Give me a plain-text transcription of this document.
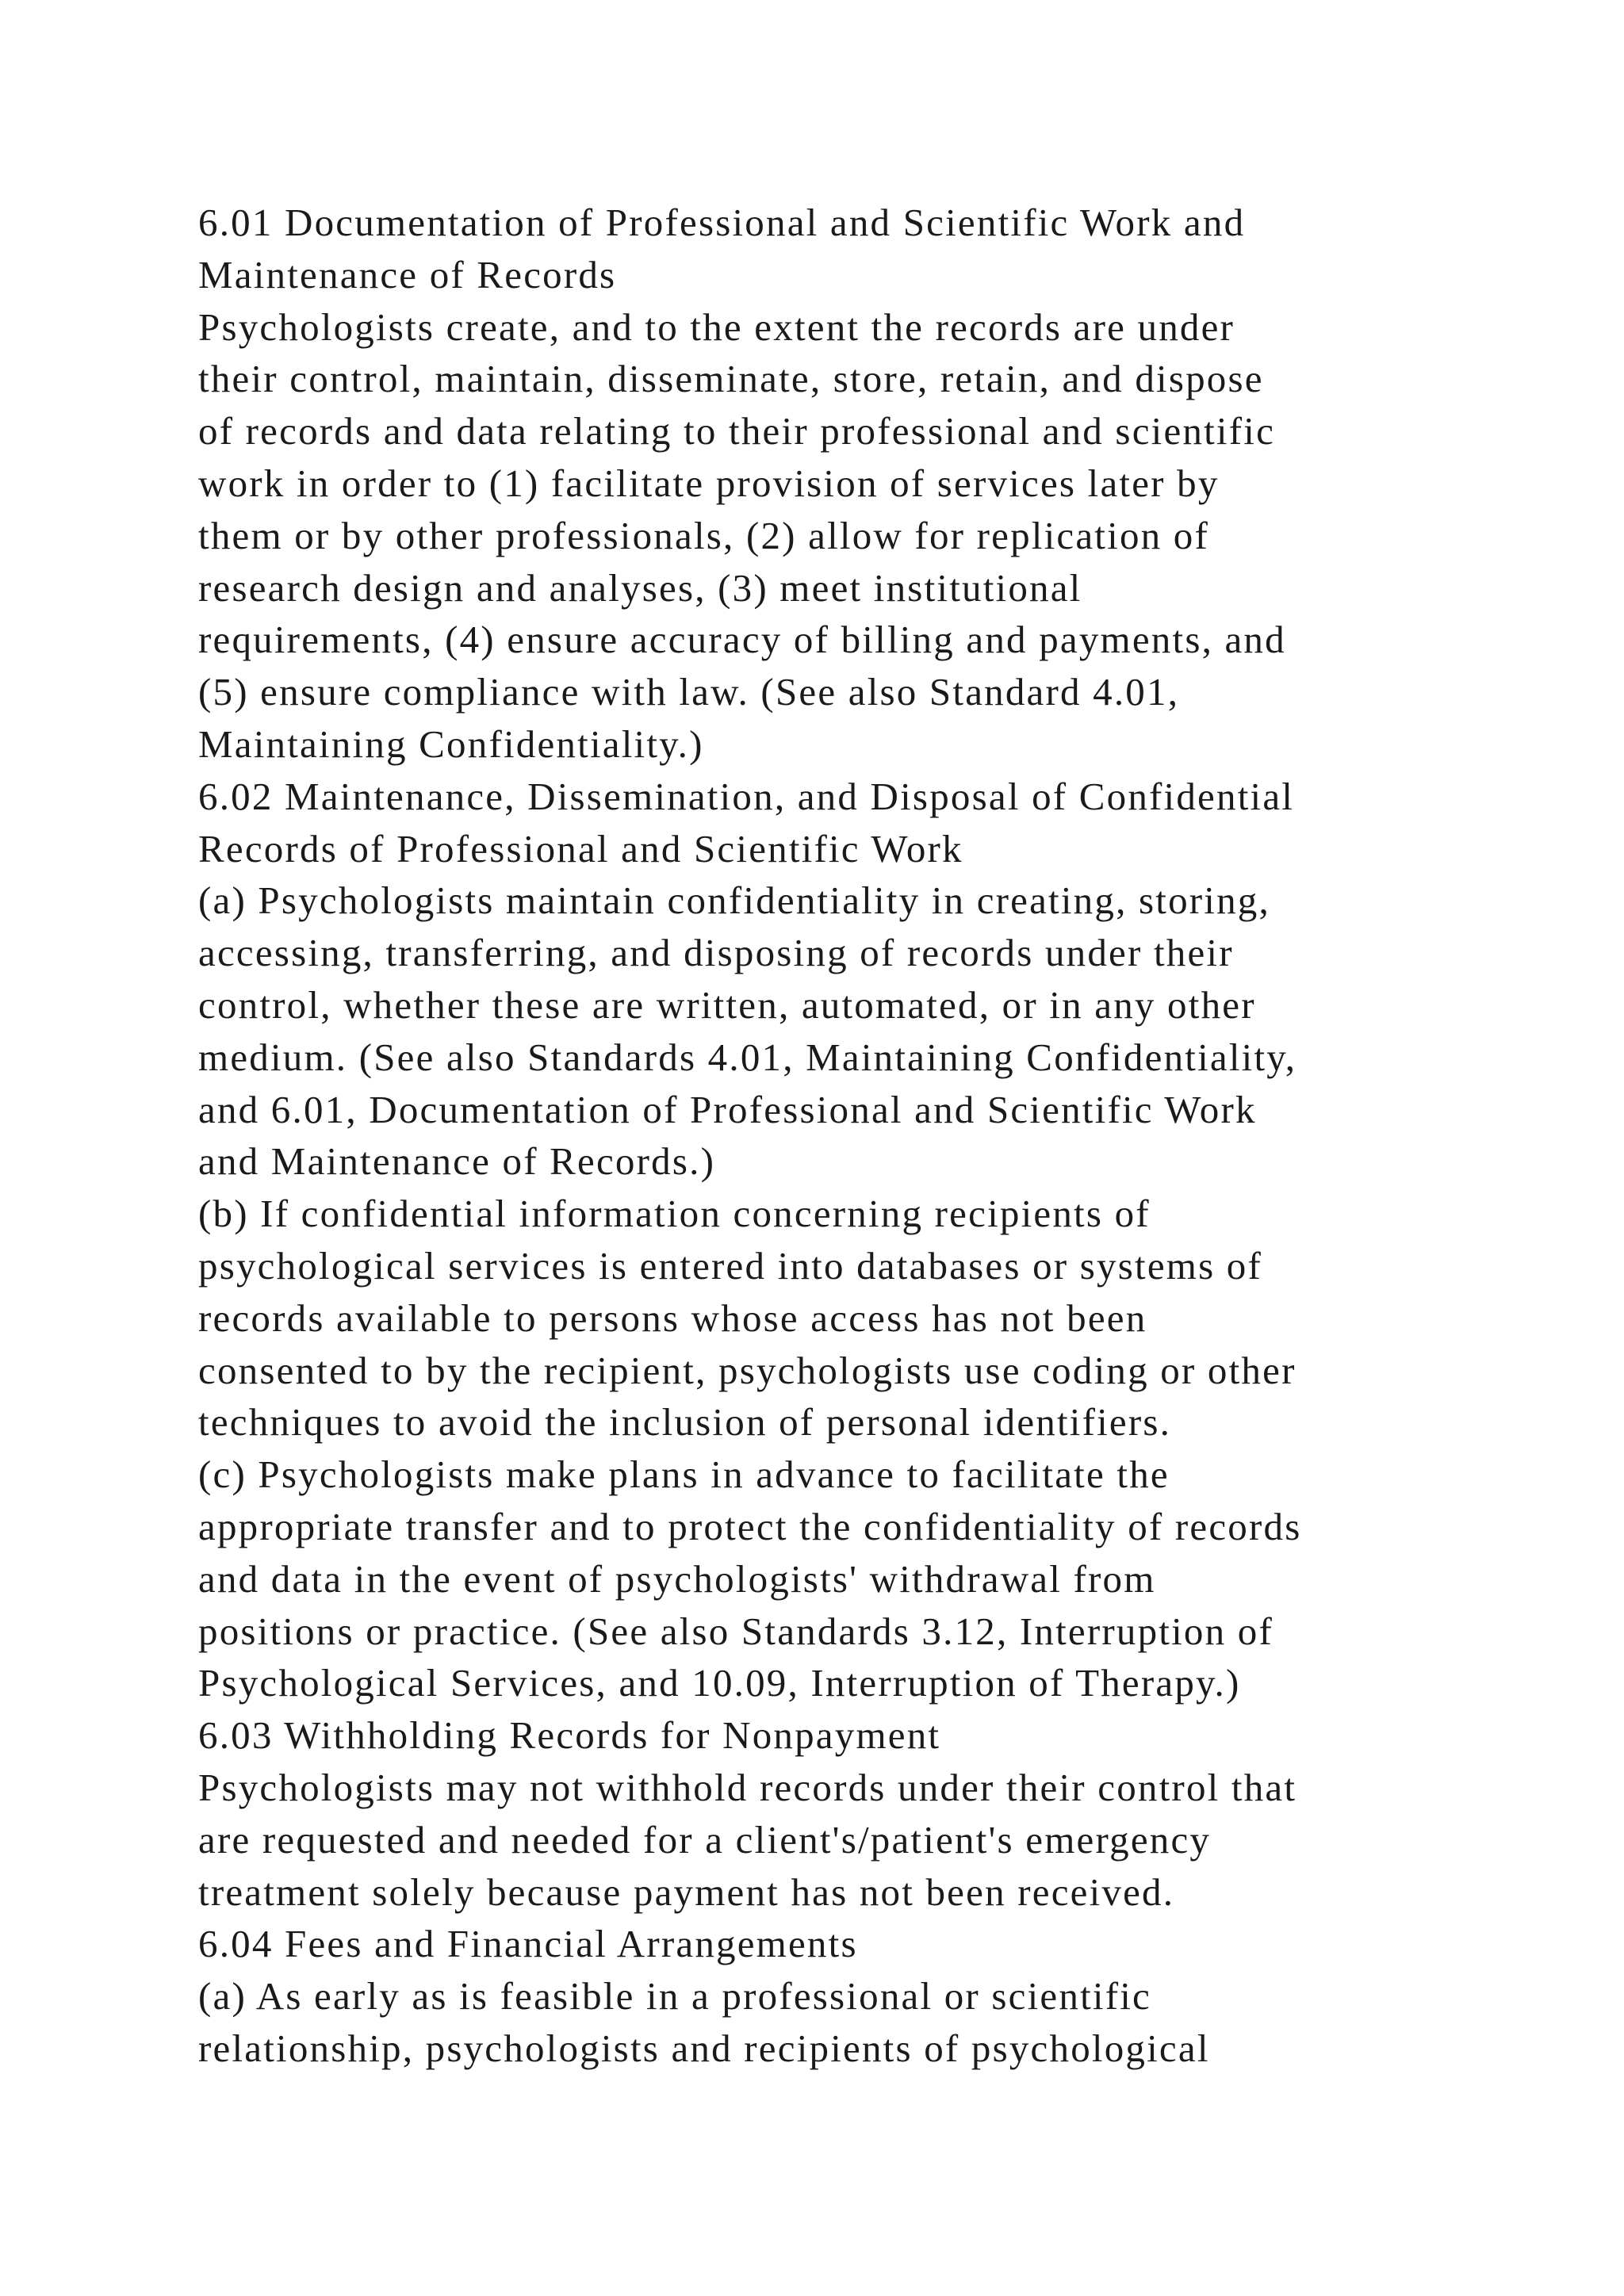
6.01 Documentation of Professional and Scientific Work and
Maintenance of Records
Psychologists create, and to the extent the records are under
their control, maintain, disseminate, store, retain, and dispose
of records and data relating to their professional and scientific
work in order to (1) facilitate provision of services later by
them or by other professionals, (2) allow for replication of
research design and analyses, (3) meet institutional
requirements, (4) ensure accuracy of billing and payments, and
(5) ensure compliance with law. (See also Standard 4.01,
Maintaining Confidentiality.)
6.02 Maintenance, Dissemination, and Disposal of Confidential
Records of Professional and Scientific Work
(a) Psychologists maintain confidentiality in creating, storing,
accessing, transferring, and disposing of records under their
control, whether these are written, automated, or in any other
medium. (See also Standards 4.01, Maintaining Confidentiality,
and 6.01, Documentation of Professional and Scientific Work
and Maintenance of Records.)
(b) If confidential information concerning recipients of
psychological services is entered into databases or systems of
records available to persons whose access has not been
consented to by the recipient, psychologists use coding or other
techniques to avoid the inclusion of personal identifiers.
(c) Psychologists make plans in advance to facilitate the
appropriate transfer and to protect the confidentiality of records
and data in the event of psychologists' withdrawal from
positions or practice. (See also Standards 3.12, Interruption of
Psychological Services, and 10.09, Interruption of Therapy.)
6.03 Withholding Records for Nonpayment
Psychologists may not withhold records under their control that
are requested and needed for a client's/patient's emergency
treatment solely because payment has not been received.
6.04 Fees and Financial Arrangements
(a) As early as is feasible in a professional or scientific
relationship, psychologists and recipients of psychological
